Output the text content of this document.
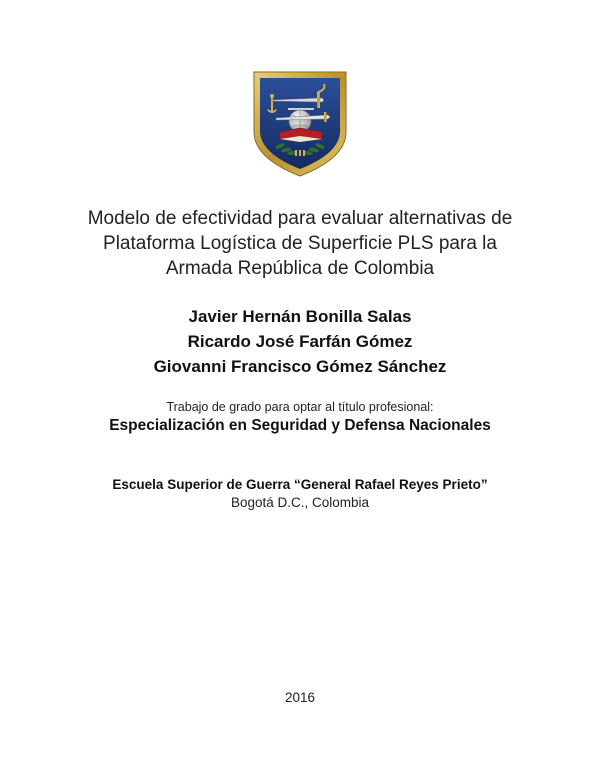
Modelo de efectividad para evaluar alternativas de
Plataforma Logística de Superficie PLS para la
Armada República de Colombia
Javier Hernán Bonilla Salas
Ricardo José Farfán Gómez
Giovanni Francisco Gómez Sánchez
Trabajo de grado para optar al título profesional:
Especialización en Seguridad y Defensa Nacionales
Escuela Superior de Guerra “General Rafael Reyes Prieto”
Bogotá D.C., Colombia
2016
